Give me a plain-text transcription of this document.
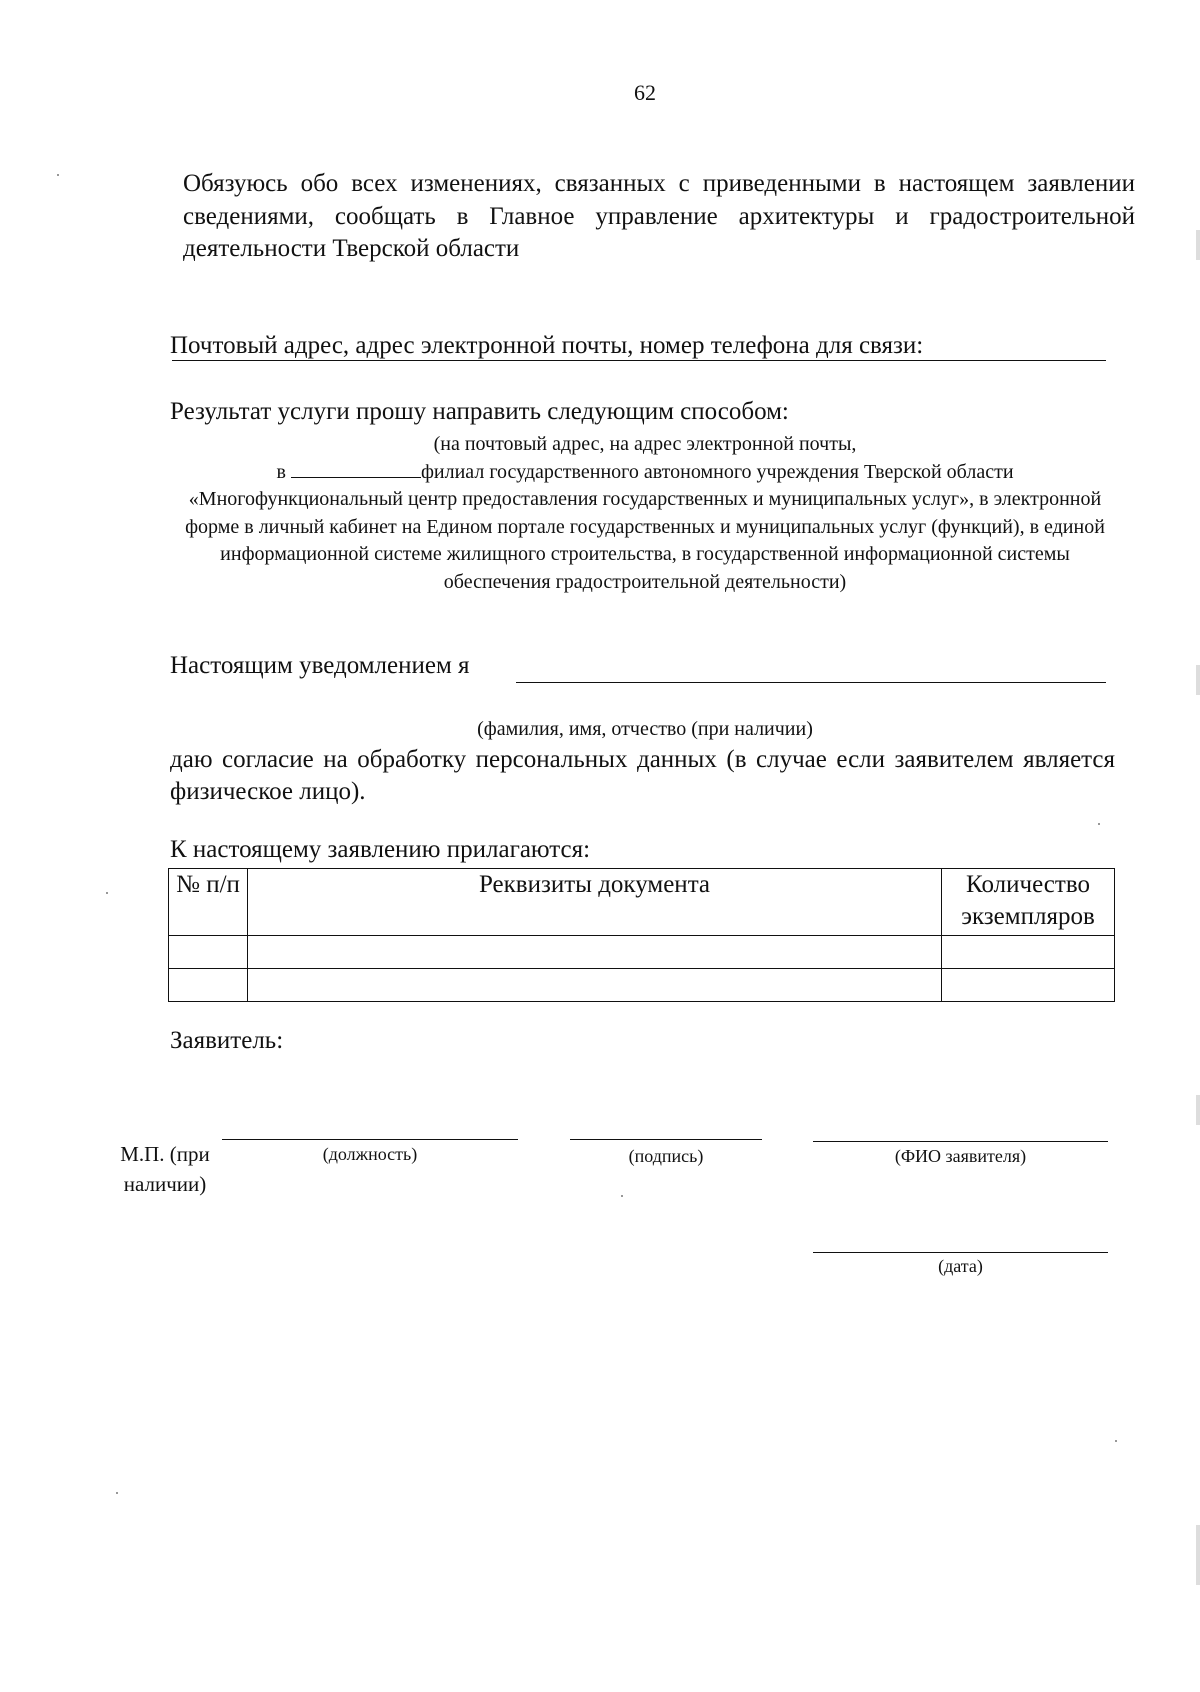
62
Обязуюсь обо всех изменениях, связанных с приведенными в настоящем заявлении сведениями, сообщать в Главное управление архитектуры и градостроительной деятельности Тверской области
Почтовый адрес, адрес электронной почты, номер телефона для связи:
Результат услуги прошу направить следующим способом:
(на почтовый адрес, на адрес электронной почты,
в	филиал государственного автономного учреждения Тверской области
«Многофункциональный центр предоставления государственных и муниципальных услуг», в электронной форме в личный кабинет на Едином портале государственных и муниципальных услуг (функций), в единой информационной системе жилищного строительства, в государственной информационной системы обеспечения градостроительной деятельности)
Настоящим уведомлением я
(фамилия, имя, отчество (при наличии)
даю согласие на обработку персональных данных (в случае если заявителем является физическое лицо).
К настоящему заявлению прилагаются:
№ п/п	Реквизиты документа	Количество экземпляров

Заявитель:
(должность)	(подпись)	(ФИО заявителя)
М.П. (при наличии)
(дата)
